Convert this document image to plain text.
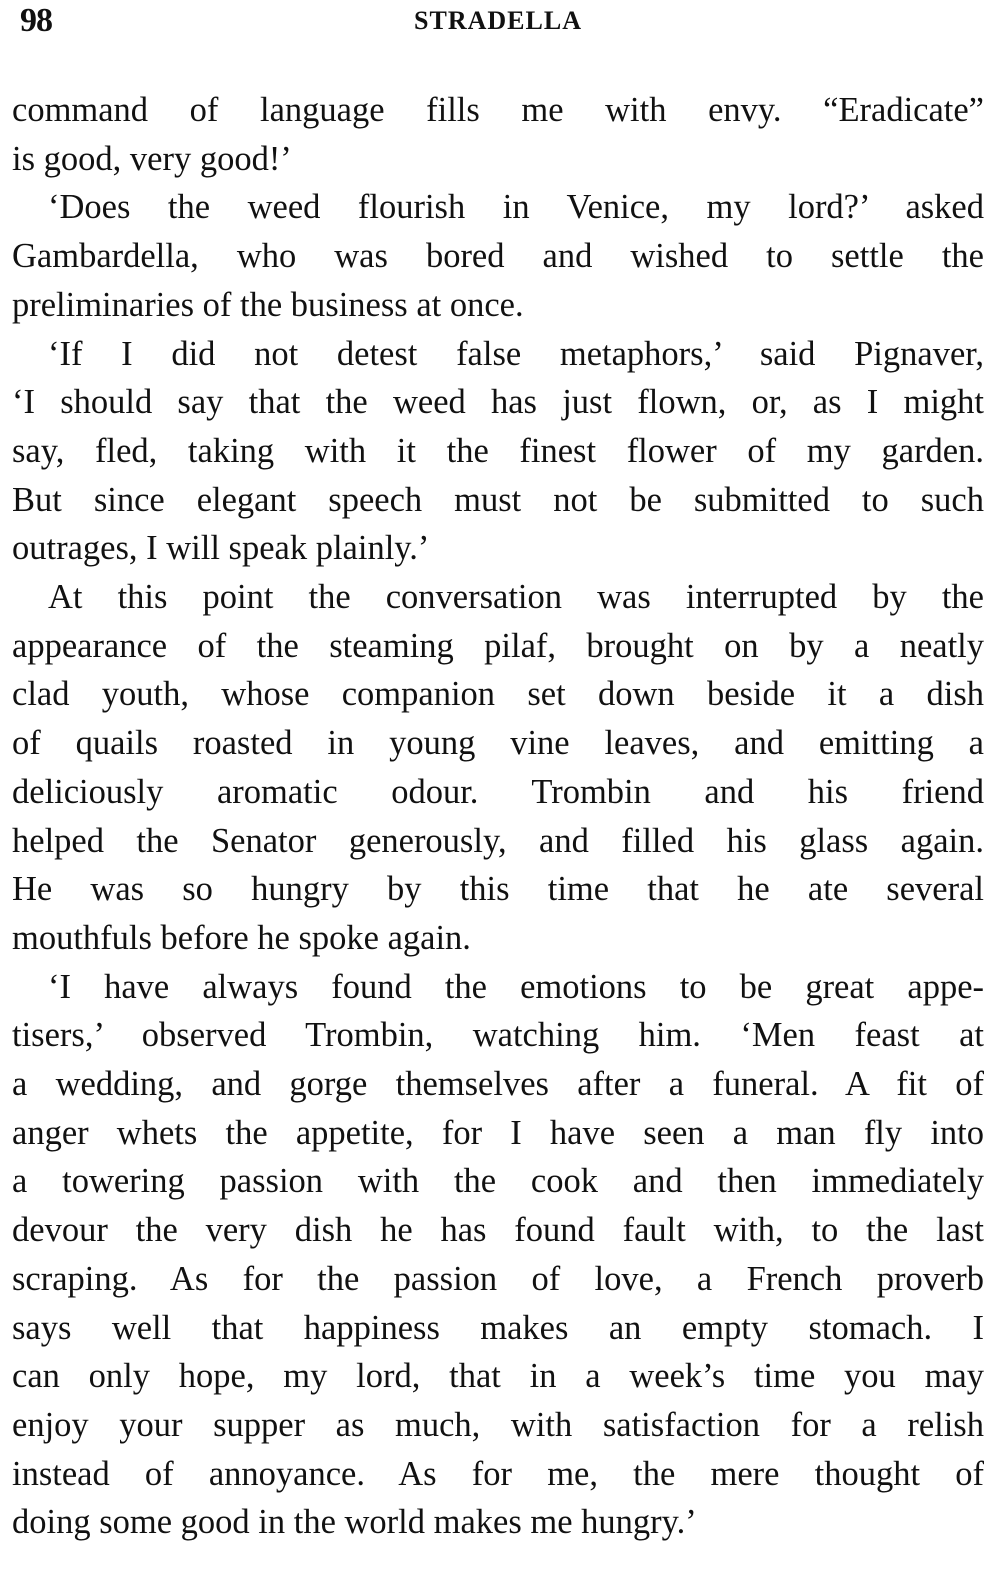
98	STRADELLA
command of language fills me with envy. “Eradicate”
is good, very good!’
‘Does the weed flourish in Venice, my lord?’ asked
Gambardella, who was bored and wished to settle the
preliminaries of the business at once.
‘If I did not detest false metaphors,’ said Pignaver,
‘I should say that the weed has just flown, or, as I might
say, fled, taking with it the finest flower of my garden.
But since elegant speech must not be submitted to such
outrages, I will speak plainly.’
At this point the conversation was interrupted by the
appearance of the steaming pilaf, brought on by a neatly
clad youth, whose companion set down beside it a dish
of quails roasted in young vine leaves, and emitting a
deliciously aromatic odour. Trombin and his friend
helped the Senator generously, and filled his glass again.
He was so hungry by this time that he ate several
mouthfuls before he spoke again.
‘I have always found the emotions to be great appe-
tisers,’ observed Trombin, watching him. ‘Men feast at
a wedding, and gorge themselves after a funeral. A fit of
anger whets the appetite, for I have seen a man fly into
a towering passion with the cook and then immediately
devour the very dish he has found fault with, to the last
scraping. As for the passion of love, a French proverb
says well that happiness makes an empty stomach. I
can only hope, my lord, that in a week’s time you may
enjoy your supper as much, with satisfaction for a relish
instead of annoyance. As for me, the mere thought of
doing some good in the world makes me hungry.’
